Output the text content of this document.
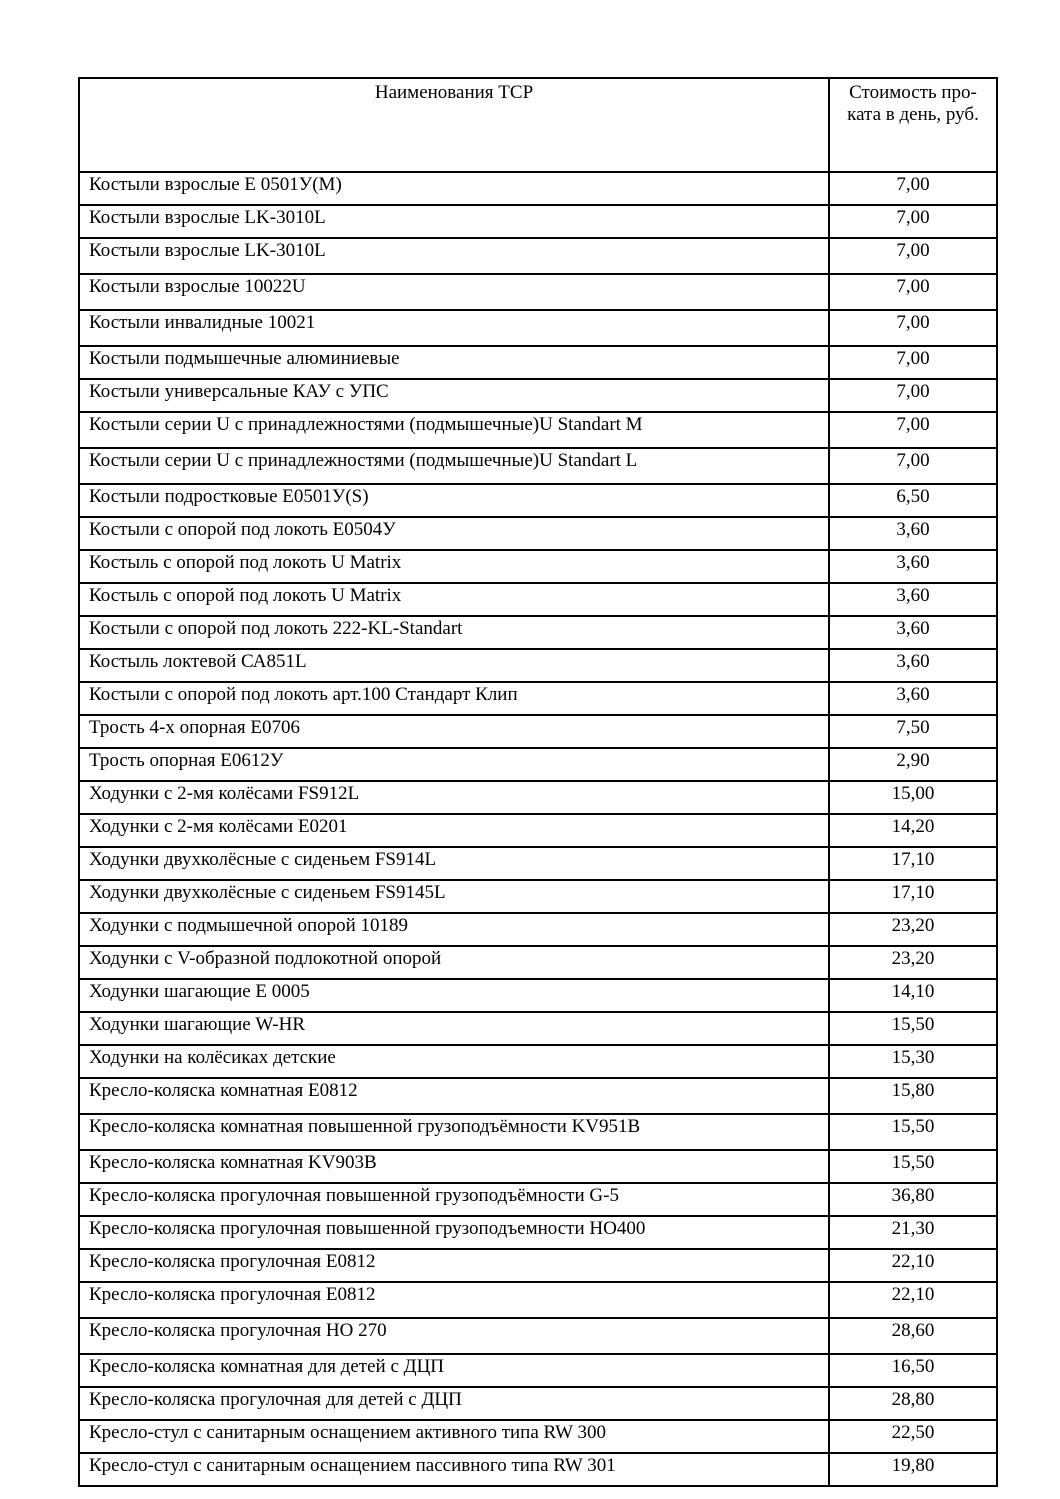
Наименования ТСР	Стоимость про-ката в день, руб.
Костыли взрослые Е 0501У(М)	7,00
Костыли взрослые LK-3010L	7,00
Костыли взрослые LK-3010L	7,00
Костыли взрослые 10022U	7,00
Костыли инвалидные 10021	7,00
Костыли подмышечные алюминиевые	7,00
Костыли универсальные КАУ с УПС	7,00
Костыли серии U с принадлежностями (подмышечные)U Standart M	7,00
Костыли серии U с принадлежностями (подмышечные)U Standart L	7,00
Костыли подростковые Е0501У(S)	6,50
Костыли с опорой под локоть Е0504У	3,60
Костыль с опорой под локоть U Matrix	3,60
Костыль с опорой под локоть U Matrix	3,60
Костыли с опорой под локоть 222-KL-Standart	3,60
Костыль локтевой СА851L	3,60
Костыли с опорой под локоть арт.100 Стандарт Клип	3,60
Трость 4-х опорная Е0706	7,50
Трость опорная Е0612У	2,90
Ходунки с 2-мя колёсами FS912L	15,00
Ходунки с 2-мя колёсами Е0201	14,20
Ходунки двухколёсные с сиденьем FS914L	17,10
Ходунки двухколёсные с сиденьем FS9145L	17,10
Ходунки с подмышечной опорой 10189	23,20
Ходунки с V-образной подлокотной опорой	23,20
Ходунки шагающие Е 0005	14,10
Ходунки шагающие W-HR	15,50
Ходунки на колёсиках детские	15,30
Кресло-коляска комнатная Е0812	15,80
Кресло-коляска комнатная повышенной грузоподъёмности KV951B	15,50
Кресло-коляска комнатная KV903B	15,50
Кресло-коляска прогулочная повышенной грузоподъёмности G-5	36,80
Кресло-коляска прогулочная повышенной грузоподъемности НО400	21,30
Кресло-коляска прогулочная Е0812	22,10
Кресло-коляска прогулочная Е0812	22,10
Кресло-коляска прогулочная НО 270	28,60
Кресло-коляска комнатная для детей с ДЦП	16,50
Кресло-коляска прогулочная для детей с ДЦП	28,80
Кресло-стул с санитарным оснащением активного типа RW 300	22,50
Кресло-стул с санитарным оснащением пассивного типа RW 301	19,80
